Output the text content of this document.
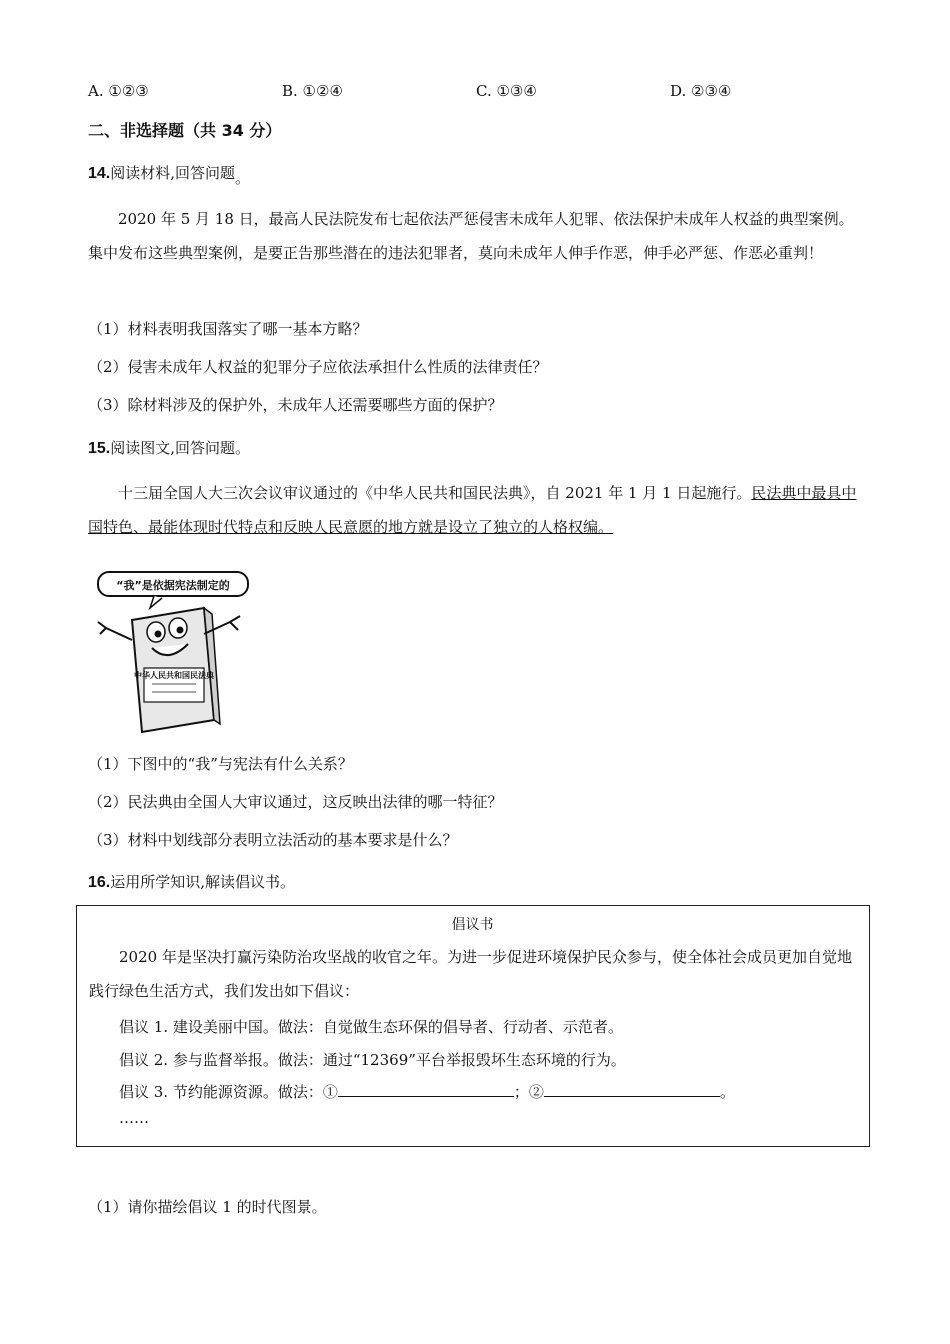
A. ①②③	B. ①②④	C. ①③④	D. ②③④
二、非选择题（共 34 分）
14.阅读材料,回答问题。
2020 年 5 月 18 日，最高人民法院发布七起依法严惩侵害未成年人犯罪、依法保护未成年人权益的典型案例。集中发布这些典型案例，是要正告那些潜在的违法犯罪者，莫向未成年人伸手作恶，伸手必严惩、作恶必重判！
（1）材料表明我国落实了哪一基本方略？
（2）侵害未成年人权益的犯罪分子应依法承担什么性质的法律责任？
（3）除材料涉及的保护外，未成年人还需要哪些方面的保护？
15.阅读图文,回答问题。
十三届全国人大三次会议审议通过的《中华人民共和国民法典》，自 2021 年 1 月 1 日起施行。民法典中最具中国特色、最能体现时代特点和反映人民意愿的地方就是设立了独立的人格权编。
“我”是依据宪法制定的
中华人民共和国民法典
（1）下图中的“我”与宪法有什么关系？
（2）民法典由全国人大审议通过，这反映出法律的哪一特征？
（3）材料中划线部分表明立法活动的基本要求是什么？
16.运用所学知识,解读倡议书。
倡议书
2020 年是坚决打赢污染防治攻坚战的收官之年。为进一步促进环境保护民众参与，使全体社会成员更加自觉地践行绿色生活方式，我们发出如下倡议：
倡议 1. 建设美丽中国。做法：自觉做生态环保的倡导者、行动者、示范者。
倡议 2. 参与监督举报。做法：通过“12369”平台举报毁坏生态环境的行为。
倡议 3. 节约能源资源。做法：①	；②	。
……
（1）请你描绘倡议 1 的时代图景。
